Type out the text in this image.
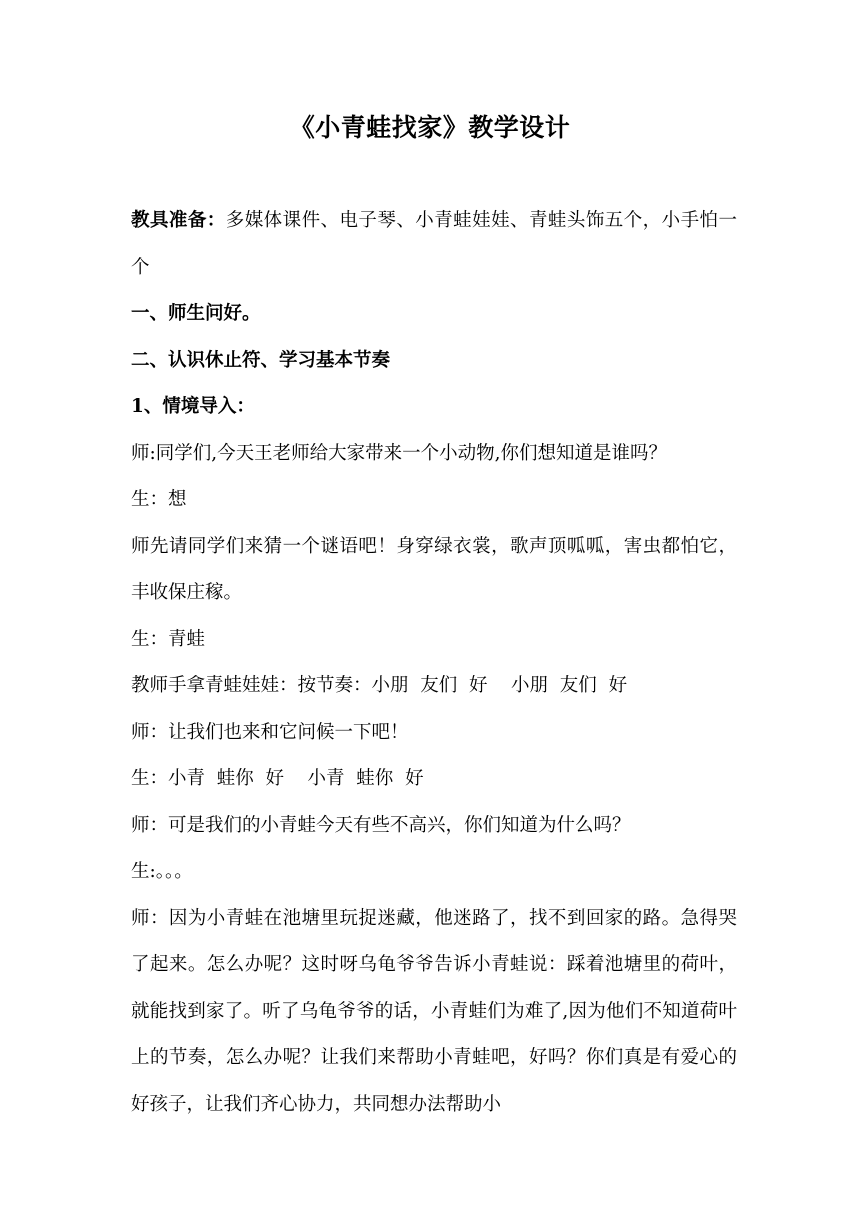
《小青蛙找家》教学设计

教具准备：多媒体课件、电子琴、小青蛙娃娃、青蛙头饰五个，小手怕一个

一、师生问好。

二、认识休止符、学习基本节奏

1、情境导入：

师:同学们,今天王老师给大家带来一个小动物,你们想知道是谁吗？

生：想

师先请同学们来猜一个谜语吧！身穿绿衣裳，歌声顶呱呱，害虫都怕它，丰收保庄稼。

生：青蛙

教师手拿青蛙娃娃：按节奏：小朋  友们  好    小朋  友们  好

师：让我们也来和它问候一下吧！

生：小青  蛙你  好    小青  蛙你  好

师：可是我们的小青蛙今天有些不高兴，你们知道为什么吗？

生:。。。

师：因为小青蛙在池塘里玩捉迷藏，他迷路了，找不到回家的路。急得哭了起来。怎么办呢？这时呀乌龟爷爷告诉小青蛙说：踩着池塘里的荷叶，就能找到家了。听了乌龟爷爷的话，小青蛙们为难了,因为他们不知道荷叶上的节奏，怎么办呢？让我们来帮助小青蛙吧，好吗？你们真是有爱心的好孩子，让我们齐心协力，共同想办法帮助小
